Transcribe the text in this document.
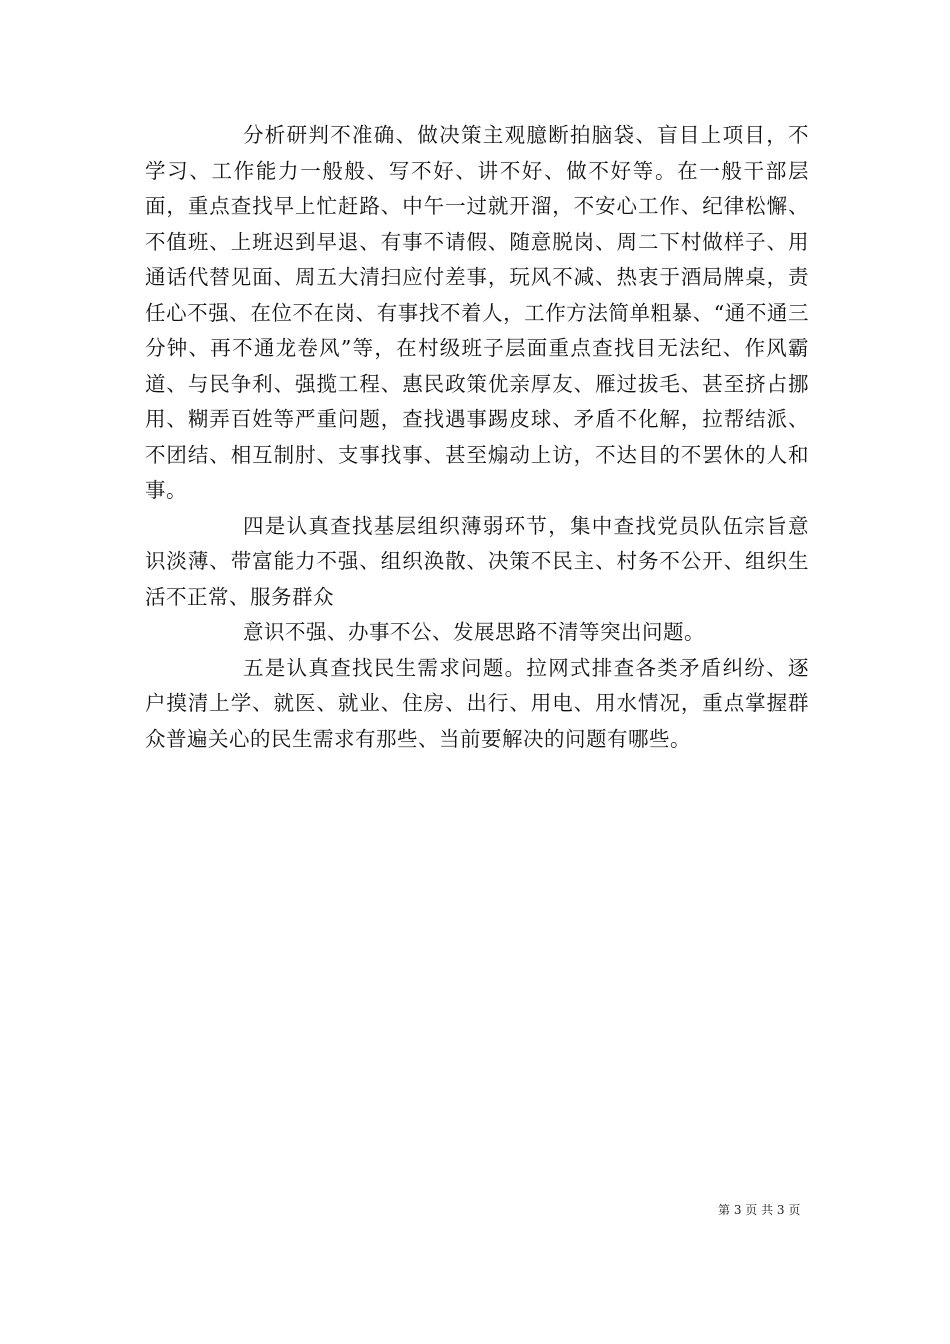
分析研判不准确、做决策主观臆断拍脑袋、盲目上项目，不学习、工作能力一般般、写不好、讲不好、做不好等。在一般干部层面，重点查找早上忙赶路、中午一过就开溜，不安心工作、纪律松懈、不值班、上班迟到早退、有事不请假、随意脱岗、周二下村做样子、用通话代替见面、周五大清扫应付差事，玩风不减、热衷于酒局牌桌，责任心不强、在位不在岗、有事找不着人，工作方法简单粗暴、“通不通三分钟、再不通龙卷风”等，在村级班子层面重点查找目无法纪、作风霸道、与民争利、强揽工程、惠民政策优亲厚友、雁过拔毛、甚至挤占挪用、糊弄百姓等严重问题，查找遇事踢皮球、矛盾不化解，拉帮结派、不团结、相互制肘、支事找事、甚至煽动上访，不达目的不罢休的人和事。

四是认真查找基层组织薄弱环节，集中查找党员队伍宗旨意识淡薄、带富能力不强、组织涣散、决策不民主、村务不公开、组织生活不正常、服务群众

意识不强、办事不公、发展思路不清等突出问题。

五是认真查找民生需求问题。拉网式排查各类矛盾纠纷、逐户摸清上学、就医、就业、住房、出行、用电、用水情况，重点掌握群众普遍关心的民生需求有那些、当前要解决的问题有哪些。

第 3 页 共 3 页
